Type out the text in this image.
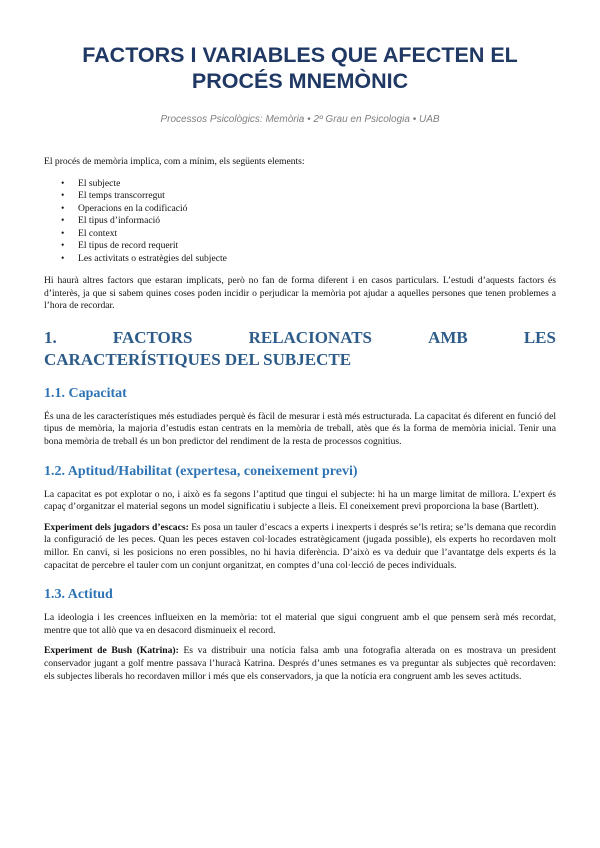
FACTORS I VARIABLES QUE AFECTEN EL PROCÉS MNEMÒNIC

Processos Psicològics: Memòria • 2º Grau en Psicologia • UAB

El procés de memòria implica, com a mínim, els següents elements:

• El subjecte
• El temps transcorregut
• Operacions en la codificació
• El tipus d’informació
• El context
• El tipus de record requerit
• Les activitats o estratègies del subjecte

Hi haurà altres factors que estaran implicats, però no fan de forma diferent i en casos particulars. L’estudi d’aquests factors és d’interès, ja que si sabem quines coses poden incidir o perjudicar la memòria pot ajudar a aquelles persones que tenen problemes a l’hora de recordar.

1.	FACTORS	RELACIONATS	AMB	LES
CARACTERÍSTIQUES DEL SUBJECTE
1.1. Capacitat

És una de les característiques més estudiades perquè és fàcil de mesurar i està més estructurada. La capacitat és diferent en funció del tipus de memòria, la majoria d’estudis estan centrats en la memòria de treball, atès que és la forma de memòria inicial. Tenir una bona memòria de treball és un bon predictor del rendiment de la resta de processos cognitius.

1.2. Aptitud/Habilitat (expertesa, coneixement previ)

La capacitat es pot explotar o no, i això es fa segons l’aptitud que tingui el subjecte: hi ha un marge limitat de millora. L’expert és capaç d’organitzar el material segons un model significatiu i subjecte a lleis. El coneixement previ proporciona la base (Bartlett).

Experiment dels jugadors d’escacs: Es posa un tauler d’escacs a experts i inexperts i després se’ls retira; se’ls demana que recordin la configuració de les peces. Quan les peces estaven col·locades estratègicament (jugada possible), els experts ho recordaven molt millor. En canvi, si les posicions no eren possibles, no hi havia diferència. D’això es va deduir que l’avantatge dels experts és la capacitat de percebre el tauler com un conjunt organitzat, en comptes d’una col·lecció de peces individuals.

1.3. Actitud

La ideologia i les creences influeixen en la memòria: tot el material que sigui congruent amb el que pensem serà més recordat, mentre que tot allò que va en desacord disminueix el record.

Experiment de Bush (Katrina): Es va distribuir una notícia falsa amb una fotografia alterada on es mostrava un president conservador jugant a golf mentre passava l’huracà Katrina. Després d’unes setmanes es va preguntar als subjectes què recordaven: els subjectes liberals ho recordaven millor i més que els conservadors, ja que la notícia era congruent amb les seves actituds.
